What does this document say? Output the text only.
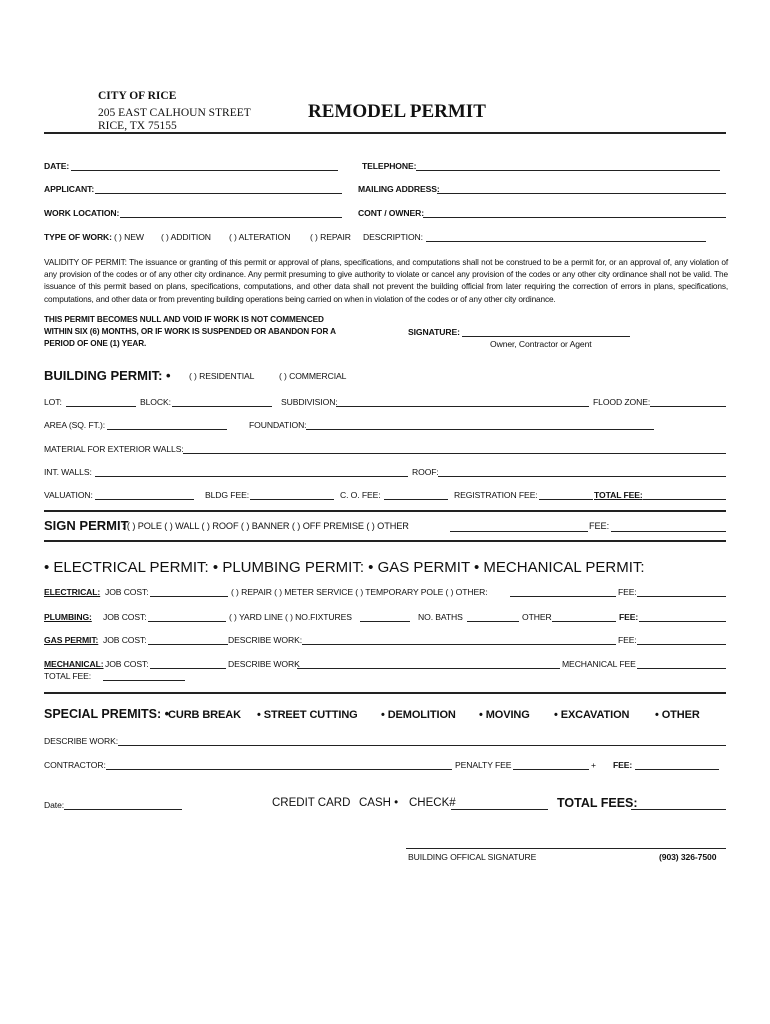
CITY OF RICE
205 EAST CALHOUN STREET
RICE, TX 75155
REMODEL PERMIT
DATE:	TELEPHONE:
APPLICANT:	MAILING ADDRESS:
WORK LOCATION:	CONT / OWNER:
TYPE OF WORK: ( ) NEW ( ) ADDITION ( ) ALTERATION ( ) REPAIR DESCRIPTION:
VALIDITY OF PERMIT: The issuance or granting of this permit or approval of plans, specifications, and computations shall not be construed to be a permit for, or an approval of, any violation of any provision of the codes or of any other city ordinance. Any permit presuming to give authority to violate or cancel any provision of the codes or any other city ordinance shall not be valid. The issuance of this permit based on plans, specifications, computations, and other data shall not prevent the building official from later requiring the correction of errors in plans, specifications, computations, and other data or from preventing building operations being carried on when in violation of the codes or of any other city ordinance.
THIS PERMIT BECOMES NULL AND VOID IF WORK IS NOT COMMENCED
WITHIN SIX (6) MONTHS, OR IF WORK IS SUSPENDED OR ABANDON FOR A
PERIOD OF ONE (1) YEAR.
SIGNATURE:
Owner, Contractor or Agent
BUILDING PERMIT: • ( ) RESIDENTIAL	( ) COMMERCIAL
LOT:	BLOCK:	SUBDIVISION:	FLOOD ZONE:
AREA (SQ. FT.):	FOUNDATION:
MATERIAL FOR EXTERIOR WALLS:
INT. WALLS:	ROOF:
VALUATION:	BLDG FEE:	C. O. FEE:	REGISTRATION FEE:	TOTAL FEE:
SIGN PERMIT
: ( ) POLE ( ) WALL ( ) ROOF ( ) BANNER ( ) OFF PREMISE ( ) OTHER	FEE:
• ELECTRICAL PERMIT: • PLUMBING PERMIT: • GAS PERMIT • MECHANICAL PERMIT:
ELECTRICAL: JOB COST:	( ) REPAIR ( ) METER SERVICE ( ) TEMPORARY POLE ( ) OTHER:	FEE:
PLUMBING: JOB COST:	( ) YARD LINE ( ) NO.FIXTURES	NO. BATHS	OTHER	FEE:
GAS PERMIT: JOB COST:	DESCRIBE WORK:	FEE:
MECHANICAL: JOB COST:	DESCRIBE WORK	MECHANICAL FEE
TOTAL FEE:
SPECIAL PREMITS: • CURB BREAK • STREET CUTTING • DEMOLITION • MOVING • EXCAVATION • OTHER
DESCRIBE WORK:
CONTRACTOR:	PENALTY FEE	+ FEE:
Date:	CREDIT CARD CASH • CHECK#	TOTAL FEES:
BUILDING OFFICAL SIGNATURE	(903) 326-7500
